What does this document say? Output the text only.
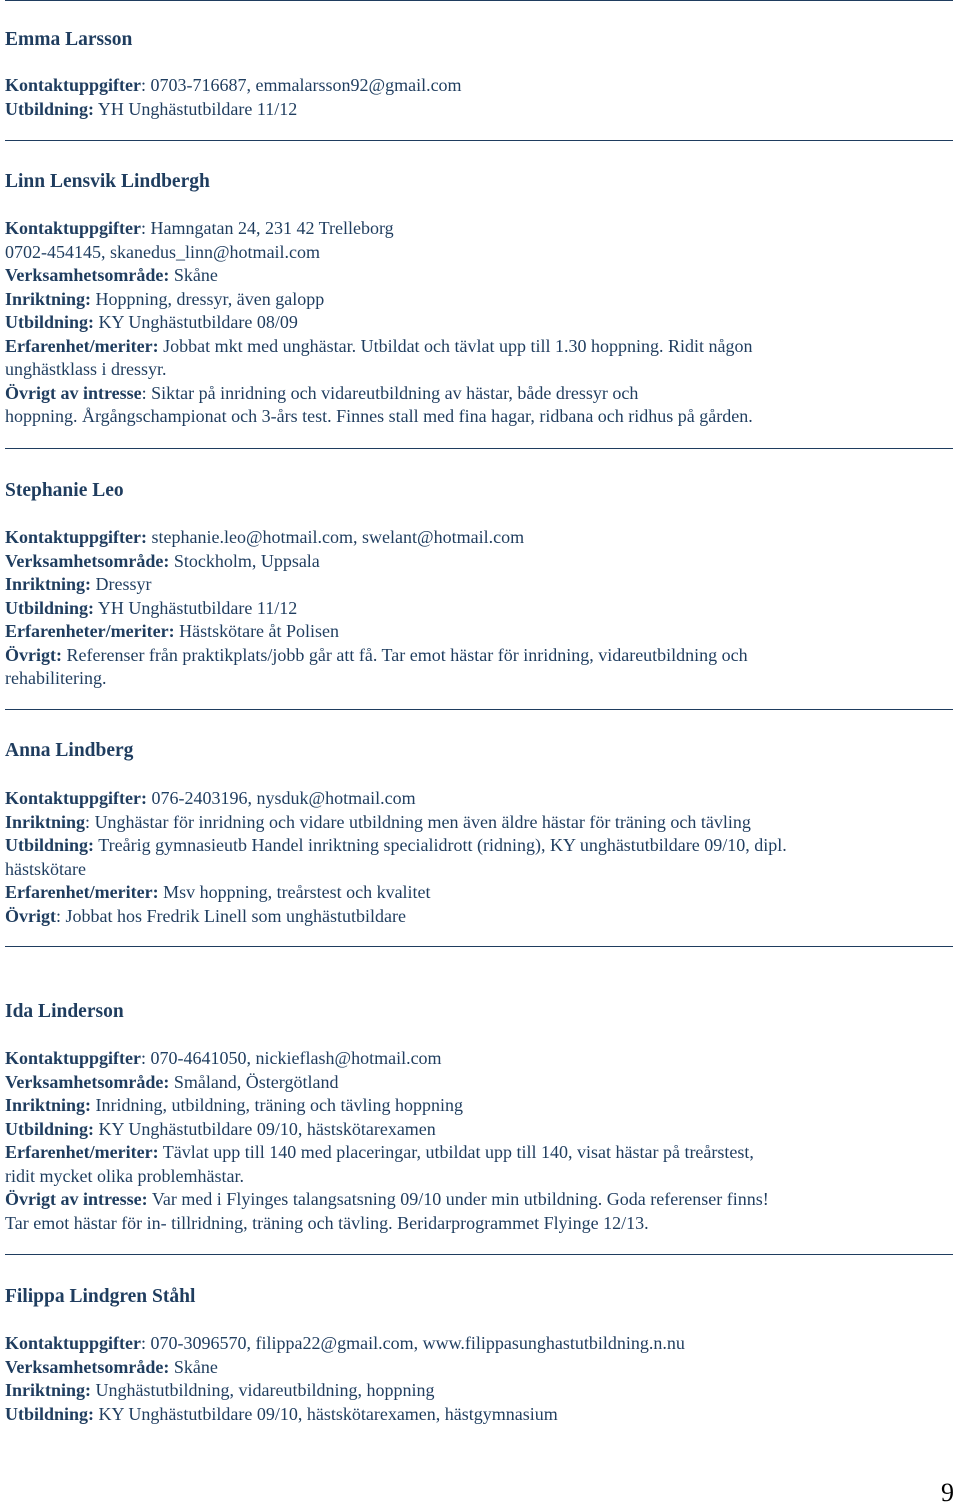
Emma Larsson
Kontaktuppgifter: 0703-716687, emmalarsson92@gmail.com
Utbildning: YH Unghästutbildare 11/12
Linn Lensvik Lindbergh
Kontaktuppgifter: Hamngatan 24, 231 42 Trelleborg
0702-454145, skanedus_linn@hotmail.com
Verksamhetsområde: Skåne
Inriktning: Hoppning, dressyr, även galopp
Utbildning: KY Unghästutbildare 08/09
Erfarenhet/meriter: Jobbat mkt med unghästar. Utbildat och tävlat upp till 1.30 hoppning. Ridit någon
unghästklass i dressyr.
Övrigt av intresse: Siktar på inridning och vidareutbildning av hästar, både dressyr och
hoppning. Årgångschampionat och 3-års test. Finnes stall med fina hagar, ridbana och ridhus på gården.
Stephanie Leo
Kontaktuppgifter: stephanie.leo@hotmail.com, swelant@hotmail.com
Verksamhetsområde: Stockholm, Uppsala
Inriktning: Dressyr
Utbildning: YH Unghästutbildare 11/12
Erfarenheter/meriter: Hästskötare åt Polisen
Övrigt: Referenser från praktikplats/jobb går att få. Tar emot hästar för inridning, vidareutbildning och
rehabilitering.
Anna Lindberg
Kontaktuppgifter: 076-2403196, nysduk@hotmail.com
Inriktning: Unghästar för inridning och vidare utbildning men även äldre hästar för träning och tävling
Utbildning: Treårig gymnasieutb Handel inriktning specialidrott (ridning), KY unghästutbildare 09/10, dipl.
hästskötare
Erfarenhet/meriter: Msv hoppning, treårstest och kvalitet
Övrigt: Jobbat hos Fredrik Linell som unghästutbildare
Ida Linderson
Kontaktuppgifter: 070-4641050, nickieflash@hotmail.com
Verksamhetsområde: Småland, Östergötland
Inriktning: Inridning, utbildning, träning och tävling hoppning
Utbildning: KY Unghästutbildare 09/10, hästskötarexamen
Erfarenhet/meriter: Tävlat upp till 140 med placeringar, utbildat upp till 140, visat hästar på treårstest,
ridit mycket olika problemhästar.
Övrigt av intresse: Var med i Flyinges talangsatsning 09/10 under min utbildning. Goda referenser finns!
Tar emot hästar för in- tillridning, träning och tävling. Beridarprogrammet Flyinge 12/13.
Filippa Lindgren Ståhl
Kontaktuppgifter: 070-3096570, filippa22@gmail.com, www.filippasunghastutbildning.n.nu
Verksamhetsområde: Skåne
Inriktning: Unghästutbildning, vidareutbildning, hoppning
Utbildning: KY Unghästutbildare 09/10, hästskötarexamen, hästgymnasium
9
